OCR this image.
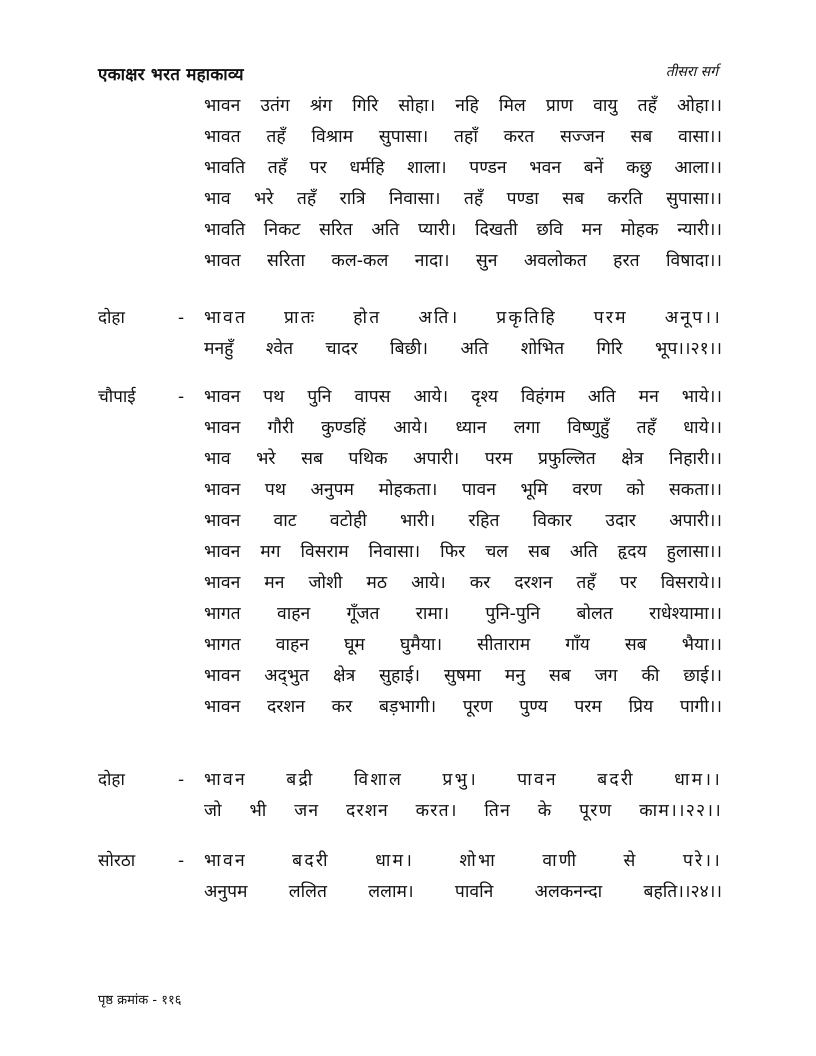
एकाक्षर भरत महाकाव्य	तीसरा सर्ग
भावन उतंग श्रंग गिरि सोहा। नहि मिल प्राण वायु तहँ ओहा।।
भावत तहँ विश्राम सुपासा। तहाँ करत सज्जन सब वासा।।
भावति तहँ पर धर्महि शाला। पण्डन भवन बनें कछु आला।।
भाव भरे तहँ रात्रि निवासा। तहँ पण्डा सब करति सुपासा।।
भावति निकट सरित अति प्यारी। दिखती छवि मन मोहक न्यारी।।
भावत सरिता कल-कल नादा। सुन अवलोकत हरत विषादा।।
दोहा	- भावत प्रातः होत अति। प्रकृतिहि परम अनूप।।
मनहुँ श्वेत चादर बिछी। अति शोभित गिरि भूप।।२१।।
चौपाई - भावन पथ पुनि वापस आये। दृश्य विहंगम अति मन भाये।।
भावन गौरी कुण्डहिं आये। ध्यान लगा विष्णुहुँ तहँ धाये।।
भाव भरे सब पथिक अपारी। परम प्रफुल्लित क्षेत्र निहारी।।
भावन पथ अनुपम मोहकता। पावन भूमि वरण को सकता।।
भावन वाट वटोही भारी। रहित विकार उदार अपारी।।
भावन मग विसराम निवासा। फिर चल सब अति हृदय हुलासा।।
भावन मन जोशी मठ आये। कर दरशन तहँ पर विसराये।।
भागत वाहन गूँजत रामा। पुनि-पुनि बोलत राधेश्यामा।।
भागत वाहन घूम घुमैया। सीताराम गाँय सब भैया।।
भावन अद्‌भुत क्षेत्र सुहाई। सुषमा मनु सब जग की छाई।।
भावन दरशन कर बड़भागी। पूरण पुण्य परम प्रिय पागी।।
दोहा	- भावन बद्री विशाल प्रभु। पावन बदरी धाम।।
जो भी जन दरशन करत। तिन के पूरण काम।।२२।।
सोरठा	- भावन बदरी धाम। शोभा वाणी से परे।।
अनुपम ललित ललाम। पावनि अलकनन्दा बहति।।२४।।
पृष्ठ क्रमांक - ११६
